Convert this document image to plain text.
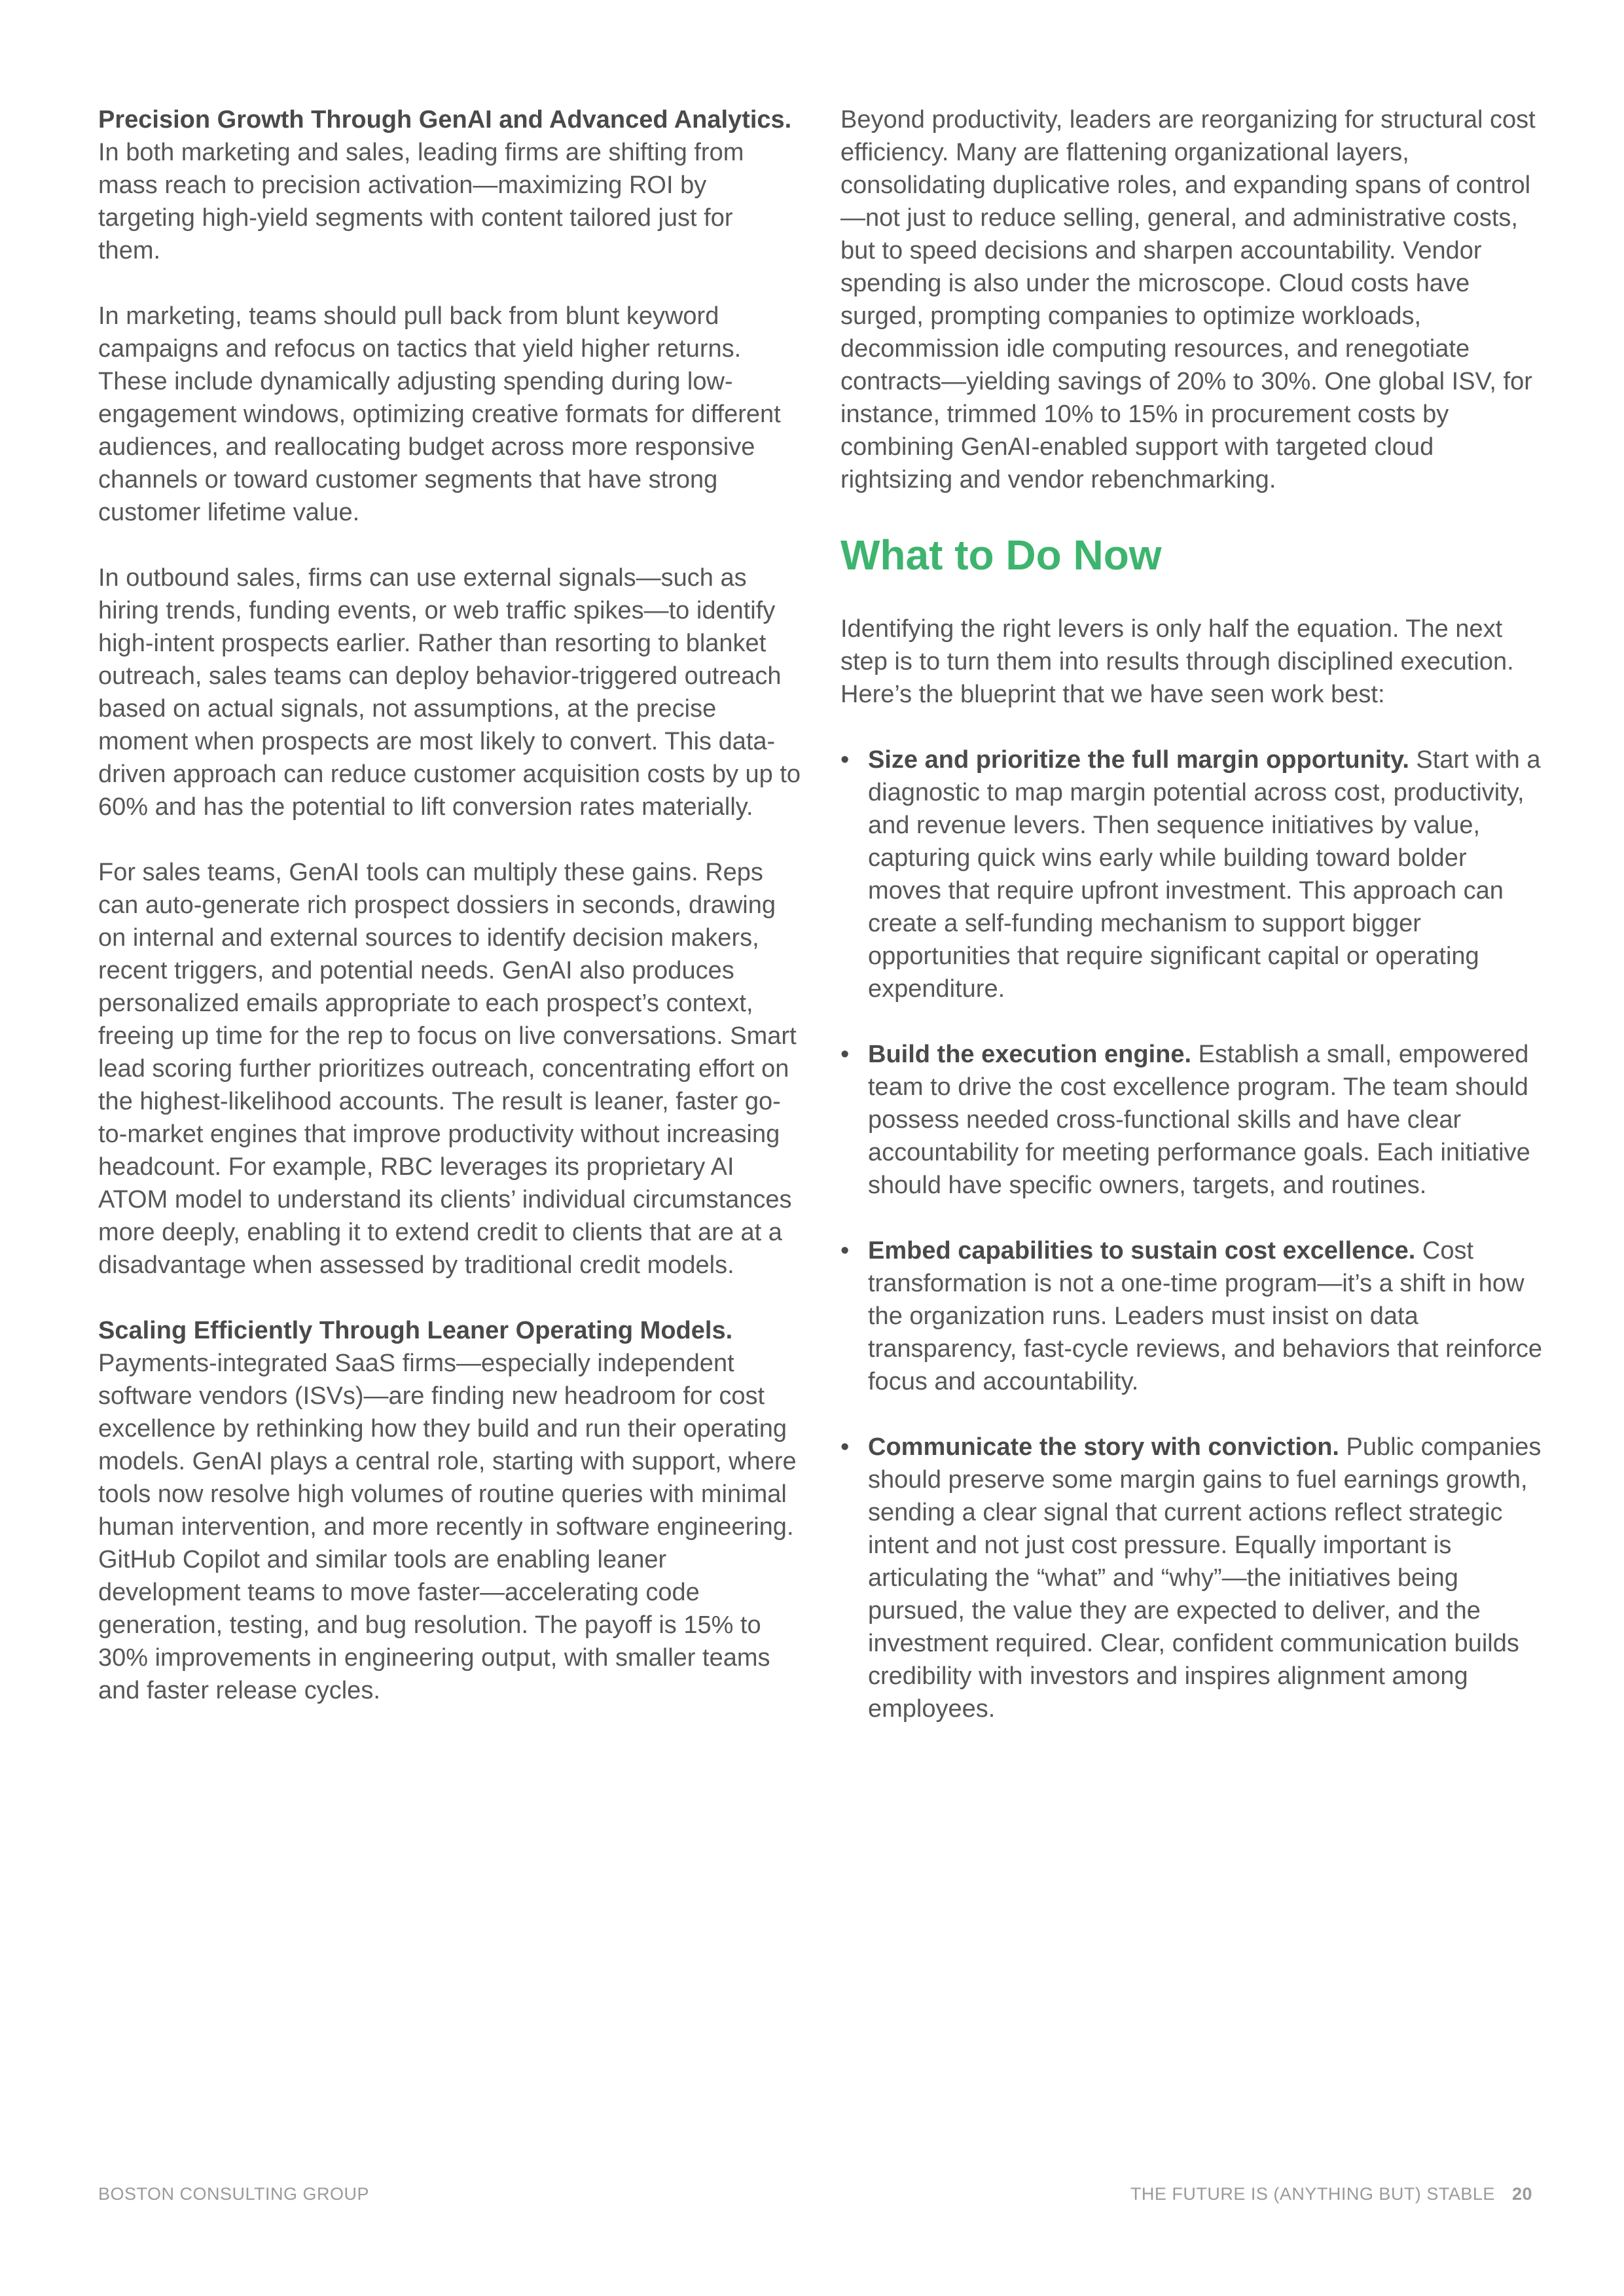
Precision Growth Through GenAI and Advanced Analytics. In both marketing and sales, leading firms are shifting from mass reach to precision activation—maximizing ROI by targeting high-yield segments with content tailored just for them.

In marketing, teams should pull back from blunt keyword campaigns and refocus on tactics that yield higher returns. These include dynamically adjusting spending during low-engagement windows, optimizing creative formats for different audiences, and reallocating budget across more responsive channels or toward customer segments that have strong customer lifetime value.

In outbound sales, firms can use external signals—such as hiring trends, funding events, or web traffic spikes—to identify high-intent prospects earlier. Rather than resorting to blanket outreach, sales teams can deploy behavior-triggered outreach based on actual signals, not assumptions, at the precise moment when prospects are most likely to convert. This data-driven approach can reduce customer acquisition costs by up to 60% and has the potential to lift conversion rates materially.

For sales teams, GenAI tools can multiply these gains. Reps can auto-generate rich prospect dossiers in seconds, drawing on internal and external sources to identify decision makers, recent triggers, and potential needs. GenAI also produces personalized emails appropriate to each prospect’s context, freeing up time for the rep to focus on live conversations. Smart lead scoring further prioritizes outreach, concentrating effort on the highest-likelihood accounts. The result is leaner, faster go-to-market engines that improve productivity without increasing headcount. For example, RBC leverages its proprietary AI ATOM model to understand its clients’ individual circumstances more deeply, enabling it to extend credit to clients that are at a disadvantage when assessed by traditional credit models.

Scaling Efficiently Through Leaner Operating Models. Payments-integrated SaaS firms—especially independent software vendors (ISVs)—are finding new headroom for cost excellence by rethinking how they build and run their operating models. GenAI plays a central role, starting with support, where tools now resolve high volumes of routine queries with minimal human intervention, and more recently in software engineering. GitHub Copilot and similar tools are enabling leaner development teams to move faster—accelerating code generation, testing, and bug resolution. The payoff is 15% to 30% improvements in engineering output, with smaller teams and faster release cycles.

Beyond productivity, leaders are reorganizing for structural cost efficiency. Many are flattening organizational layers, consolidating duplicative roles, and expanding spans of control—not just to reduce selling, general, and administrative costs, but to speed decisions and sharpen accountability. Vendor spending is also under the microscope. Cloud costs have surged, prompting companies to optimize workloads, decommission idle computing resources, and renegotiate contracts—yielding savings of 20% to 30%. One global ISV, for instance, trimmed 10% to 15% in procurement costs by combining GenAI-enabled support with targeted cloud rightsizing and vendor rebenchmarking.

What to Do Now

Identifying the right levers is only half the equation. The next step is to turn them into results through disciplined execution. Here’s the blueprint that we have seen work best:

• Size and prioritize the full margin opportunity. Start with a diagnostic to map margin potential across cost, productivity, and revenue levers. Then sequence initiatives by value, capturing quick wins early while building toward bolder moves that require upfront investment. This approach can create a self-funding mechanism to support bigger opportunities that require significant capital or operating expenditure.
• Build the execution engine. Establish a small, empowered team to drive the cost excellence program. The team should possess needed cross-functional skills and have clear accountability for meeting performance goals. Each initiative should have specific owners, targets, and routines.
• Embed capabilities to sustain cost excellence. Cost transformation is not a one-time program—it’s a shift in how the organization runs. Leaders must insist on data transparency, fast-cycle reviews, and behaviors that reinforce focus and accountability.
• Communicate the story with conviction. Public companies should preserve some margin gains to fuel earnings growth, sending a clear signal that current actions reflect strategic intent and not just cost pressure. Equally important is articulating the “what” and “why”—the initiatives being pursued, the value they are expected to deliver, and the investment required. Clear, confident communication builds credibility with investors and inspires alignment among employees.
BOSTON CONSULTING GROUP	THE FUTURE IS (ANYTHING BUT) STABLE 20
